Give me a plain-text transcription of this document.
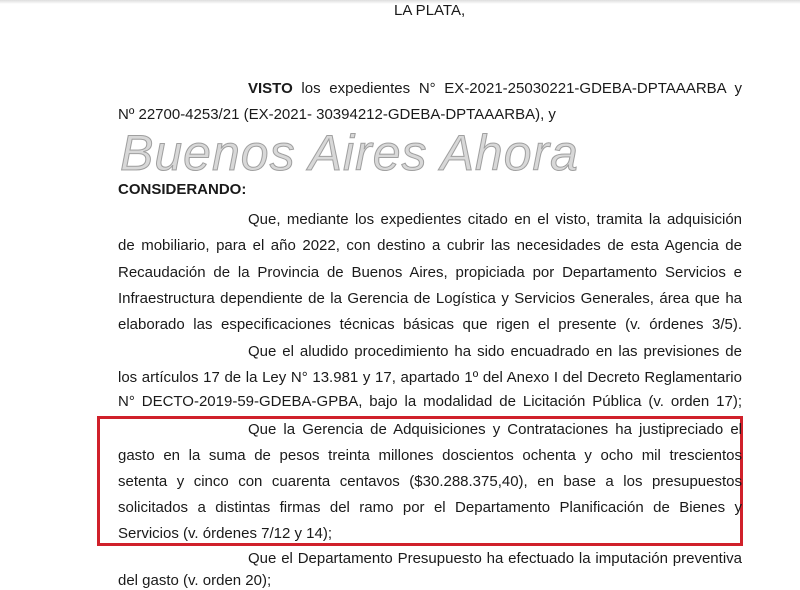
LA PLATA,
VISTO los expedientes N° EX-2021-25030221-GDEBA-DPTAAARBA y
Nº 22700-4253/21 (EX-2021- 30394212-GDEBA-DPTAAARBA), y
Buenos Aires Ahora
CONSIDERANDO:
Que, mediante los expedientes citado en el visto, tramita la adquisición
de mobiliario, para el año 2022, con destino a cubrir las necesidades de esta Agencia de
Recaudación de la Provincia de Buenos Aires, propiciada por Departamento Servicios e
Infraestructura dependiente de la Gerencia de Logística y Servicios Generales, área que ha
elaborado las especificaciones técnicas básicas que rigen el presente (v. órdenes 3/5).
Que el aludido procedimiento ha sido encuadrado en las previsiones de
los artículos 17 de la Ley N° 13.981 y 17, apartado 1º del Anexo I del Decreto Reglamentario
N° DECTO-2019-59-GDEBA-GPBA, bajo la modalidad de Licitación Pública (v. orden 17);
Que la Gerencia de Adquisiciones y Contrataciones ha justipreciado el
gasto en la suma de pesos treinta millones doscientos ochenta y ocho mil trescientos
setenta y cinco con cuarenta centavos ($30.288.375,40), en base a los presupuestos
solicitados a distintas firmas del ramo por el Departamento Planificación de Bienes y
Servicios (v. órdenes 7/12 y 14);
Que el Departamento Presupuesto ha efectuado la imputación preventiva
del gasto (v. orden 20);
